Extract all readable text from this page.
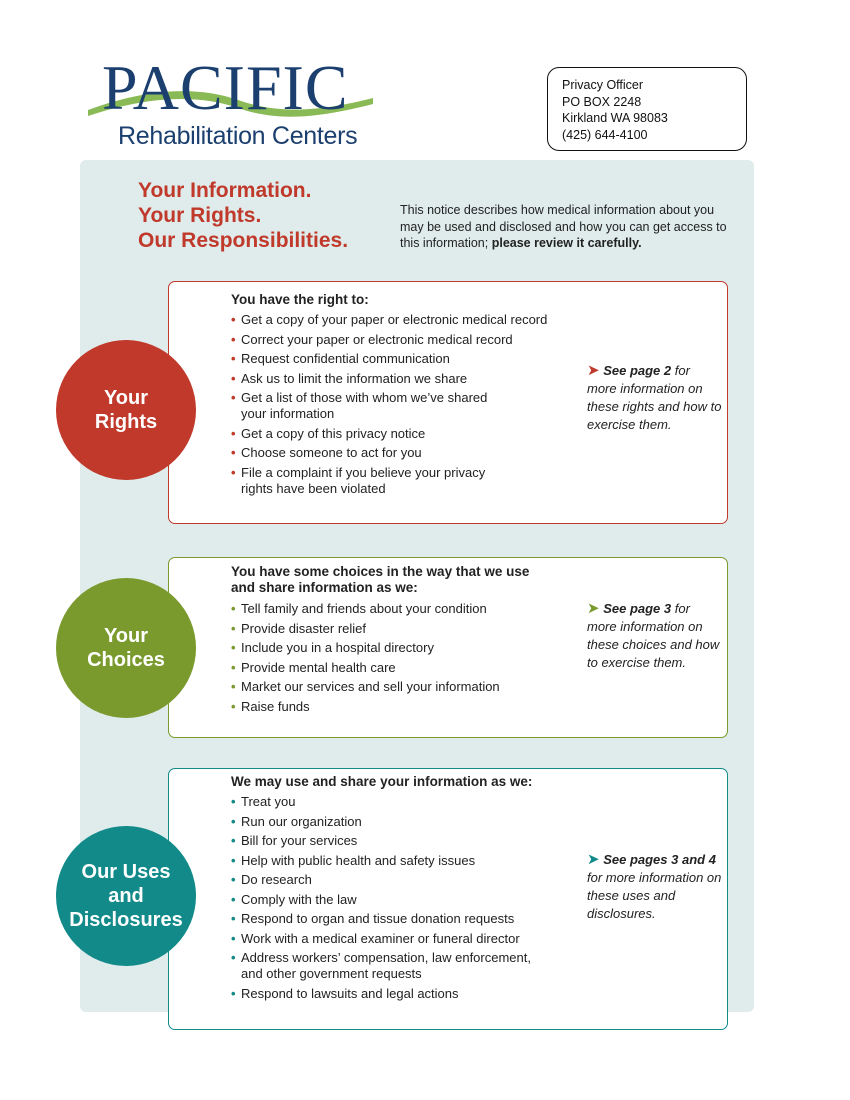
PACIFIC
Rehabilitation Centers
Privacy Officer
PO BOX 2248
Kirkland WA 98083
(425) 644-4100
Your Information.
Your Rights.
Our Responsibilities.
This notice describes how medical information about you may be used and disclosed and how you can get access to this information; please review it carefully.
You have the right to:
• Get a copy of your paper or electronic medical record
• Correct your paper or electronic medical record
• Request confidential communication
• Ask us to limit the information we share
• Get a list of those with whom we’ve shared your information
• Get a copy of this privacy notice
• Choose someone to act for you
• File a complaint if you believe your privacy rights have been violated
➤ See page 2 for more information on these rights and how to exercise them.
Your
Rights
You have some choices in the way that we use and share information as we:
• Tell family and friends about your condition
• Provide disaster relief
• Include you in a hospital directory
• Provide mental health care
• Market our services and sell your information
• Raise funds
➤ See page 3 for more information on these choices and how to exercise them.
Your
Choices
We may use and share your information as we:
• Treat you
• Run our organization
• Bill for your services
• Help with public health and safety issues
• Do research
• Comply with the law
• Respond to organ and tissue donation requests
• Work with a medical examiner or funeral director
• Address workers’ compensation, law enforcement, and other government requests
• Respond to lawsuits and legal actions
➤ See pages 3 and 4 for more information on these uses and disclosures.
Our Uses
and
Disclosures
